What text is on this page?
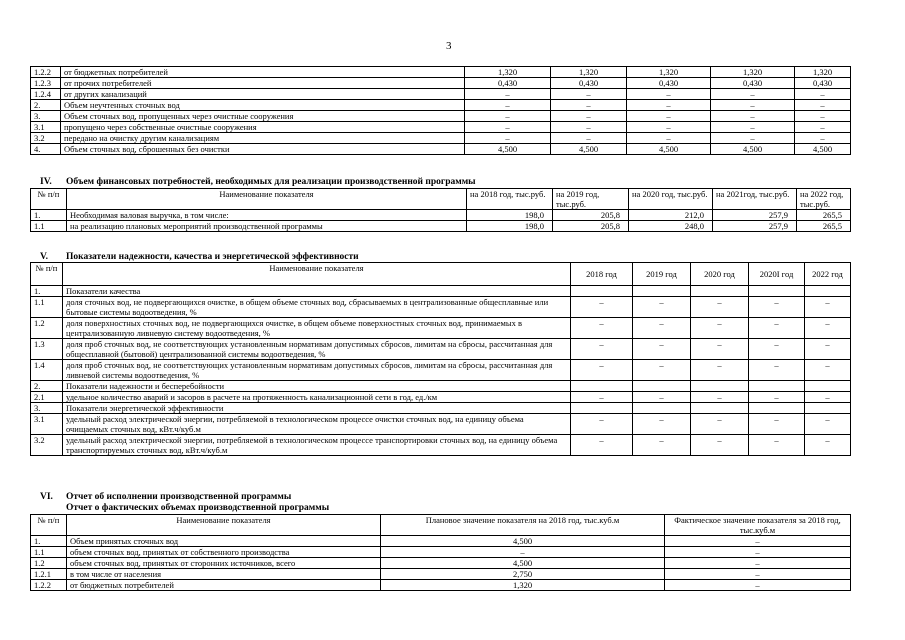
3
1.2.2	от бюджетных потребителей	1,320	1,320	1,320	1,320	1,320
1.2.3	от прочих потребителей	0,430	0,430	0,430	0,430	0,430
1.2.4	от других канализаций	–	–	–	–	–
2.	Объем неучтенных сточных вод	–	–	–	–	–
3.	Объем сточных вод, пропущенных через очистные сооружения	–	–	–	–	–
3.1	пропущено через собственные очистные сооружения	–	–	–	–	–
3.2	передано на очистку другим канализациям	–	–	–	–	–
4.	Объем сточных вод, сброшенных без очистки	4,500	4,500	4,500	4,500	4,500
IV. Объем финансовых потребностей, необходимых для реализации производственной программы
№ п/п	Наименование показателя	на 2018 год, тыс.руб.	на 2019 год, тыс.руб.	на 2020 год, тыс.руб.	на 2021год, тыс.руб.	на 2022 год, тыс.руб.
1.	Необходимая валовая выручка, в том числе:	198,0	205,8	212,0	257,9	265,5
1.1	на реализацию плановых мероприятий производственной программы	198,0	205,8	248,0	257,9	265,5
V. Показатели надежности, качества и энергетической эффективности
№ п/п	Наименование показателя	2018 год	2019 год	2020 год	2020I год	2022 год
1.	Показатели качества					
1.1	доля сточных вод, не подвергающихся очистке, в общем объеме сточных вод, сбрасываемых в централизованные общесплавные или бытовые системы водоотведения, %	–	–	–	–	–
1.2	доля поверхностных сточных вод, не подвергающихся очистке, в общем объеме поверхностных сточных вод, принимаемых в централизованную ливневую систему водоотведения, %	–	–	–	–	–
1.3	доля проб сточных вод, не соответствующих установленным нормативам допустимых сбросов, лимитам на сбросы, рассчитанная для общесплавной (бытовой) централизованной системы водоотведения, %	–	–	–	–	–
1.4	доля проб сточных вод, не соответствующих установленным нормативам допустимых сбросов, лимитам на сбросы, рассчитанная для ливневой системы водоотведения, %	–	–	–	–	–
2.	Показатели надежности и бесперебойности					
2.1	удельное количество аварий и засоров в расчете на протяженность канализационной сети в год, ед./км	–	–	–	–	–
3.	Показатели энергетической эффективности					
3.1	удельный расход электрической энергии, потребляемой в технологическом процессе очистки сточных вод, на единицу объема очищаемых сточных вод, кВт.ч/куб.м	–	–	–	–	–
3.2	удельный расход электрической энергии, потребляемой в технологическом процессе транспортировки сточных вод, на единицу объема транспортируемых сточных вод, кВт.ч/куб.м	–	–	–	–	–
VI. Отчет об исполнении производственной программы
Отчет о фактических объемах производственной программы
№ п/п	Наименование показателя	Плановое значение показателя на 2018 год, тыс.куб.м	Фактическое значение показателя за 2018 год, тыс.куб.м
1.	Объем принятых сточных вод	4,500	–
1.1	объем сточных вод, принятых от собственного производства	–	–
1.2	объем сточных вод, принятых от сторонних источников, всего	4,500	–
1.2.1	в том числе от населения	2,750	–
1.2.2	от бюджетных потребителей	1,320	–
